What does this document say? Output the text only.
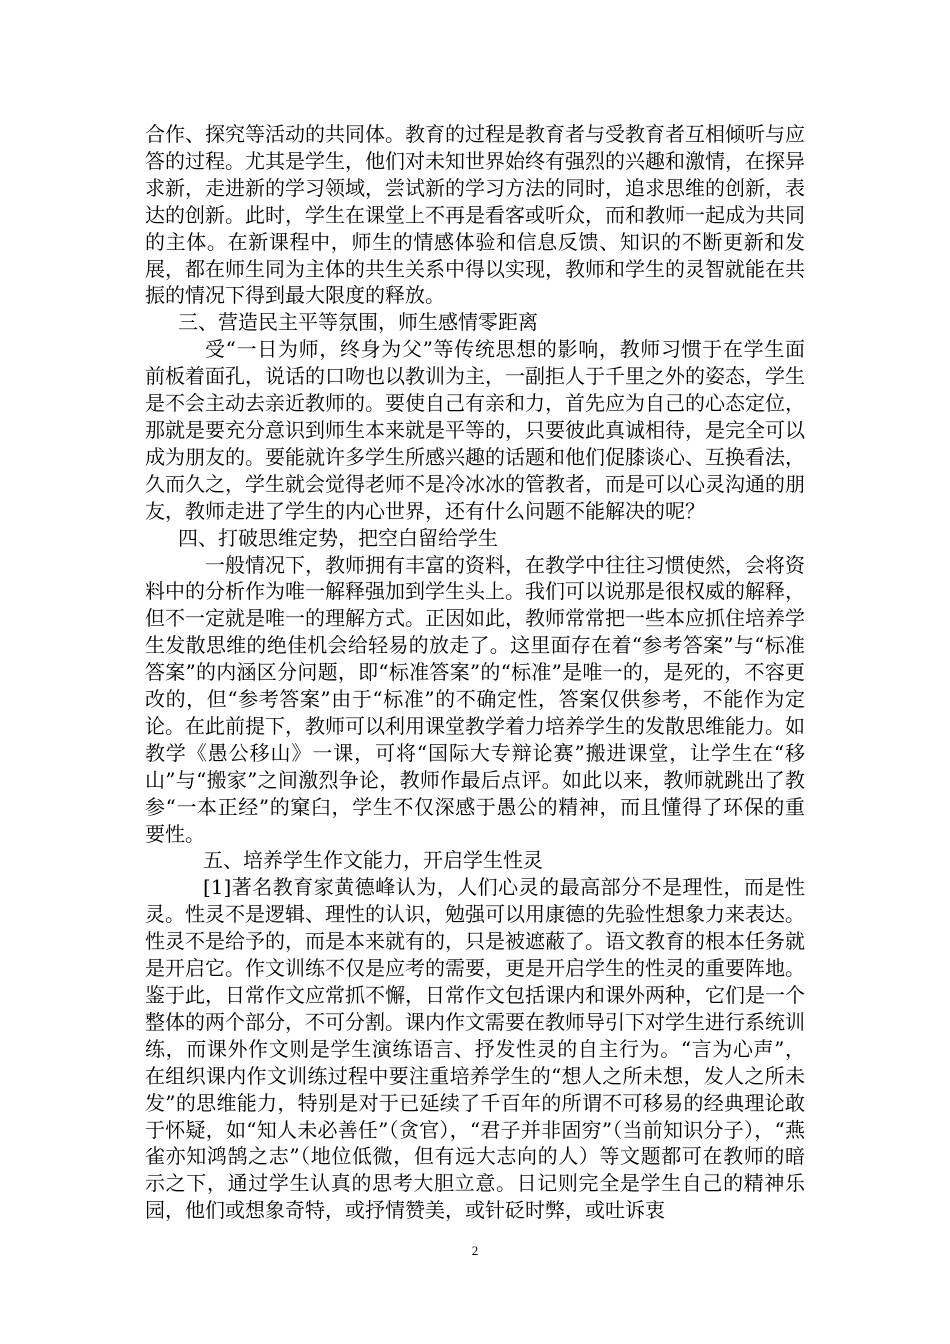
合作、探究等活动的共同体。教育的过程是教育者与受教育者互相倾听与应答的过程。尤其是学生，他们对未知世界始终有强烈的兴趣和激情，在探异求新，走进新的学习领域，尝试新的学习方法的同时，追求思维的创新，表达的创新。此时，学生在课堂上不再是看客或听众，而和教师一起成为共同的主体。在新课程中，师生的情感体验和信息反馈、知识的不断更新和发展，都在师生同为主体的共生关系中得以实现，教师和学生的灵智就能在共振的情况下得到最大限度的释放。

三、营造民主平等氛围，师生感情零距离

受“一日为师，终身为父”等传统思想的影响，教师习惯于在学生面前板着面孔，说话的口吻也以教训为主，一副拒人于千里之外的姿态，学生是不会主动去亲近教师的。要使自己有亲和力，首先应为自己的心态定位，那就是要充分意识到师生本来就是平等的，只要彼此真诚相待，是完全可以成为朋友的。要能就许多学生所感兴趣的话题和他们促膝谈心、互换看法，久而久之，学生就会觉得老师不是冷冰冰的管教者，而是可以心灵沟通的朋友，教师走进了学生的内心世界，还有什么问题不能解决的呢？

四、打破思维定势，把空白留给学生

一般情况下，教师拥有丰富的资料，在教学中往往习惯使然，会将资料中的分析作为唯一解释强加到学生头上。我们可以说那是很权威的解释，但不一定就是唯一的理解方式。正因如此，教师常常把一些本应抓住培养学生发散思维的绝佳机会给轻易的放走了。这里面存在着“参考答案”与“标准答案”的内涵区分问题，即“标准答案”的“标准”是唯一的，是死的，不容更改的，但“参考答案”由于“标准”的不确定性，答案仅供参考，不能作为定论。在此前提下，教师可以利用课堂教学着力培养学生的发散思维能力。如教学《愚公移山》一课，可将“国际大专辩论赛”搬进课堂，让学生在“移山”与“搬家”之间激烈争论，教师作最后点评。如此以来，教师就跳出了教参“一本正经”的窠臼，学生不仅深感于愚公的精神，而且懂得了环保的重要性。

五、培养学生作文能力，开启学生性灵

[1]著名教育家黄德峰认为，人们心灵的最高部分不是理性，而是性灵。性灵不是逻辑、理性的认识，勉强可以用康德的先验性想象力来表达。性灵不是给予的，而是本来就有的，只是被遮蔽了。语文教育的根本任务就是开启它。作文训练不仅是应考的需要，更是开启学生的性灵的重要阵地。鉴于此，日常作文应常抓不懈，日常作文包括课内和课外两种，它们是一个整体的两个部分，不可分割。课内作文需要在教师导引下对学生进行系统训练，而课外作文则是学生演练语言、抒发性灵的自主行为。“言为心声”，在组织课内作文训练过程中要注重培养学生的“想人之所未想，发人之所未发”的思维能力，特别是对于已延续了千百年的所谓不可移易的经典理论敢于怀疑，如“知人未必善任”（贪官），“君子并非固穷”（当前知识分子），“燕雀亦知鸿鹄之志”（地位低微，但有远大志向的人）等文题都可在教师的暗示之下，通过学生认真的思考大胆立意。日记则完全是学生自己的精神乐园，他们或想象奇特，或抒情赞美，或针砭时弊，或吐诉衷

2
